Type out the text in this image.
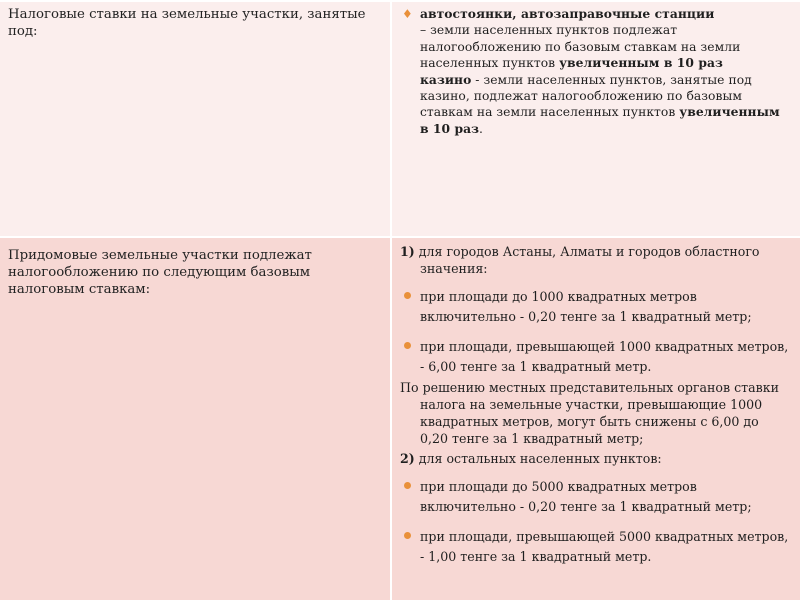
Налоговые ставки на земельные участки, занятые под:
♦ автостоянки, автозаправочные станции
– земли населенных пунктов подлежат налогообложению по базовым ставкам на земли населенных пунктов увеличенным в 10 раз
казино - земли населенных пунктов, занятые под казино, подлежат налогообложению по базовым ставкам на земли населенных пунктов увеличенным в 10 раз.
Придомовые земельные участки подлежат налогообложению по следующим базовым налоговым ставкам:
1) для городов Астаны, Алматы и городов областного значения:
при площади до 1000 квадратных метров включительно - 0,20 тенге за 1 квадратный метр;
при площади, превышающей 1000 квадратных метров, - 6,00 тенге за 1 квадратный метр.
По решению местных представительных органов ставки налога на земельные участки, превышающие 1000 квадратных метров, могут быть снижены с 6,00 до 0,20 тенге за 1 квадратный метр;
2) для остальных населенных пунктов:
при площади до 5000 квадратных метров включительно - 0,20 тенге за 1 квадратный метр;
при площади, превышающей 5000 квадратных метров, - 1,00 тенге за 1 квадратный метр.
